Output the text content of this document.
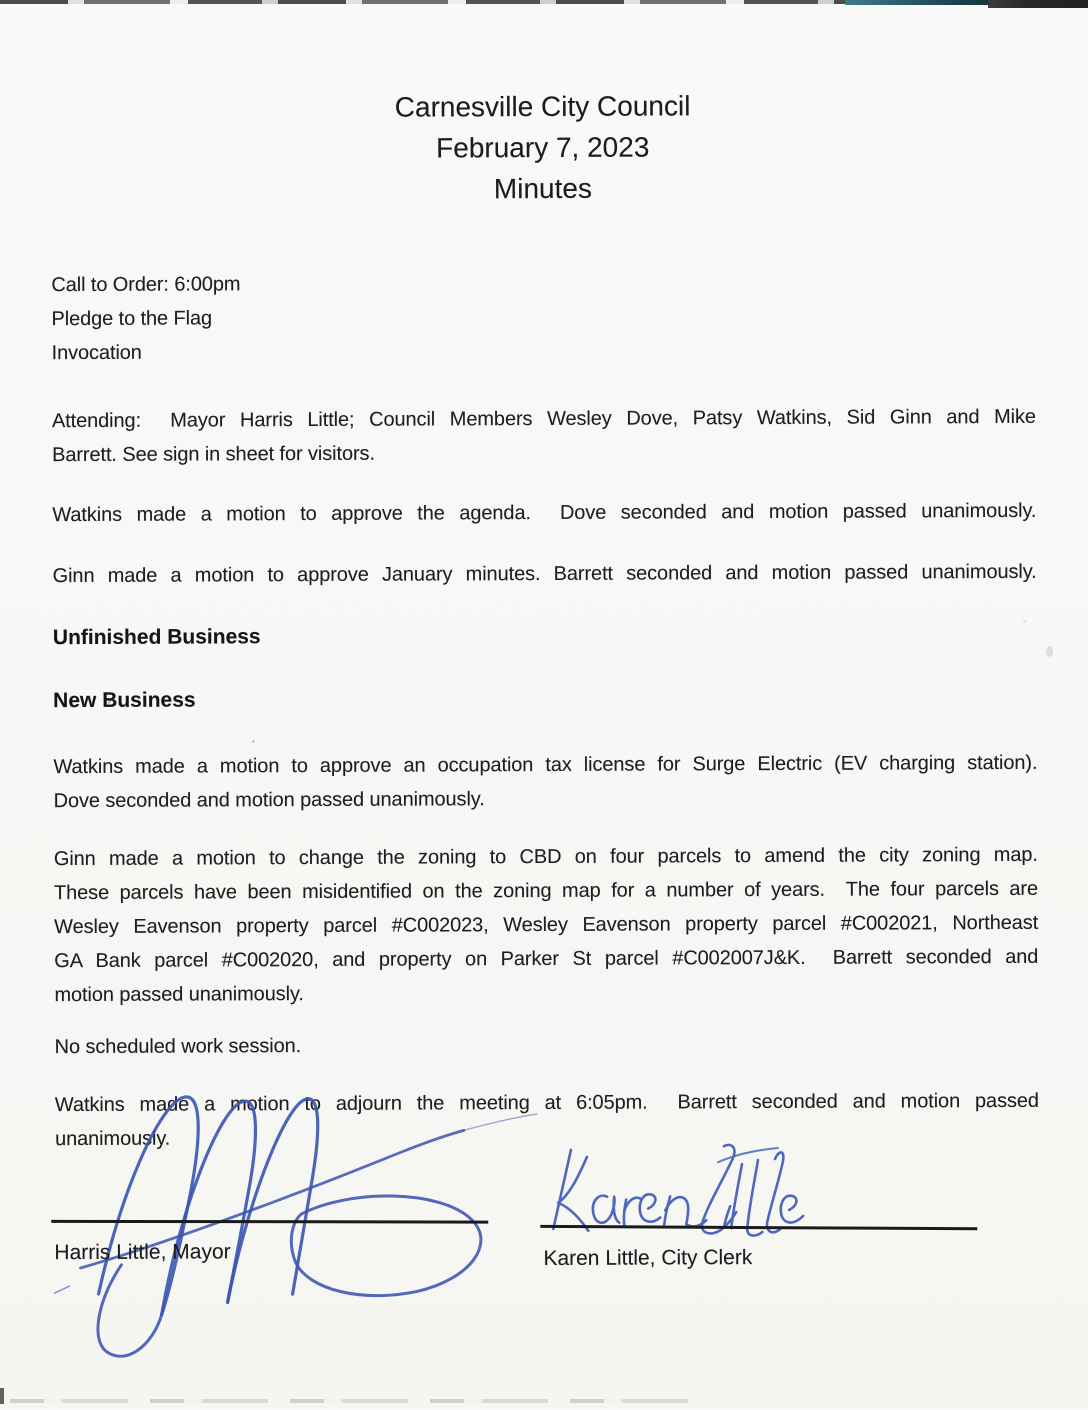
Carnesville City Council
February 7, 2023
Minutes
Call to Order: 6:00pm
Pledge to the Flag
Invocation
Attending:  Mayor Harris Little; Council Members Wesley Dove, Patsy Watkins, Sid Ginn and Mike
Barrett. See sign in sheet for visitors.
Watkins made a motion to approve the agenda.  Dove seconded and motion passed unanimously.
Ginn made a motion to approve January minutes. Barrett seconded and motion passed unanimously.
Unfinished Business
New Business
Watkins made a motion to approve an occupation tax license for Surge Electric (EV charging station).
Dove seconded and motion passed unanimously.
Ginn made a motion to change the zoning to CBD on four parcels to amend the city zoning map.
These parcels have been misidentified on the zoning map for a number of years.  The four parcels are
Wesley Eavenson property parcel #C002023, Wesley Eavenson property parcel #C002021, Northeast
GA Bank parcel #C002020, and property on Parker St parcel #C002007J&K.  Barrett seconded and
motion passed unanimously.
No scheduled work session.
Watkins made a motion to adjourn the meeting at 6:05pm.  Barrett seconded and motion passed
unanimously.
Harris Little, Mayor	Karen Little, City Clerk
